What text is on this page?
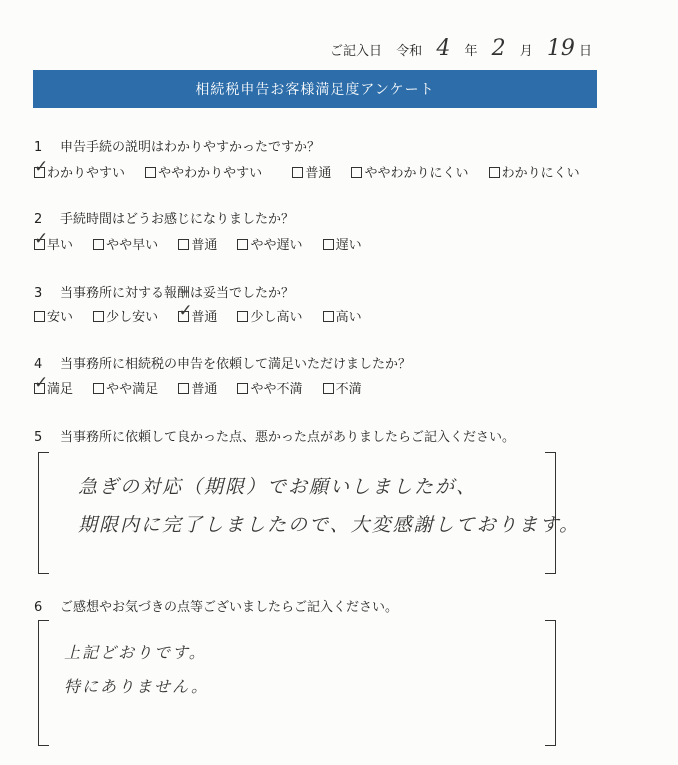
ご記入日 令和 4 年 2 月 19 日
相続税申告お客様満足度アンケート
1 申告手続の説明はわかりやすかったですか？
✓
わかりやすい	ややわかりやすい	普通	ややわかりにくい	わかりにくい
2 手続時間はどうお感じになりましたか？
✓
早い	やや早い	普通	やや遅い	遅い
3 当事務所に対する報酬は妥当でしたか？
安い	少し安い ✓
普通	少し高い	高い
4 当事務所に相続税の申告を依頼して満足いただけましたか？
✓
満足	やや満足	普通	やや不満	不満
5 当事務所に依頼して良かった点、悪かった点がありましたらご記入ください。
急ぎの対応（期限）でお願いしましたが、
期限内に完了しましたので、大変感謝しております。
6 ご感想やお気づきの点等ございましたらご記入ください。
上記どおりです。
特にありません。
